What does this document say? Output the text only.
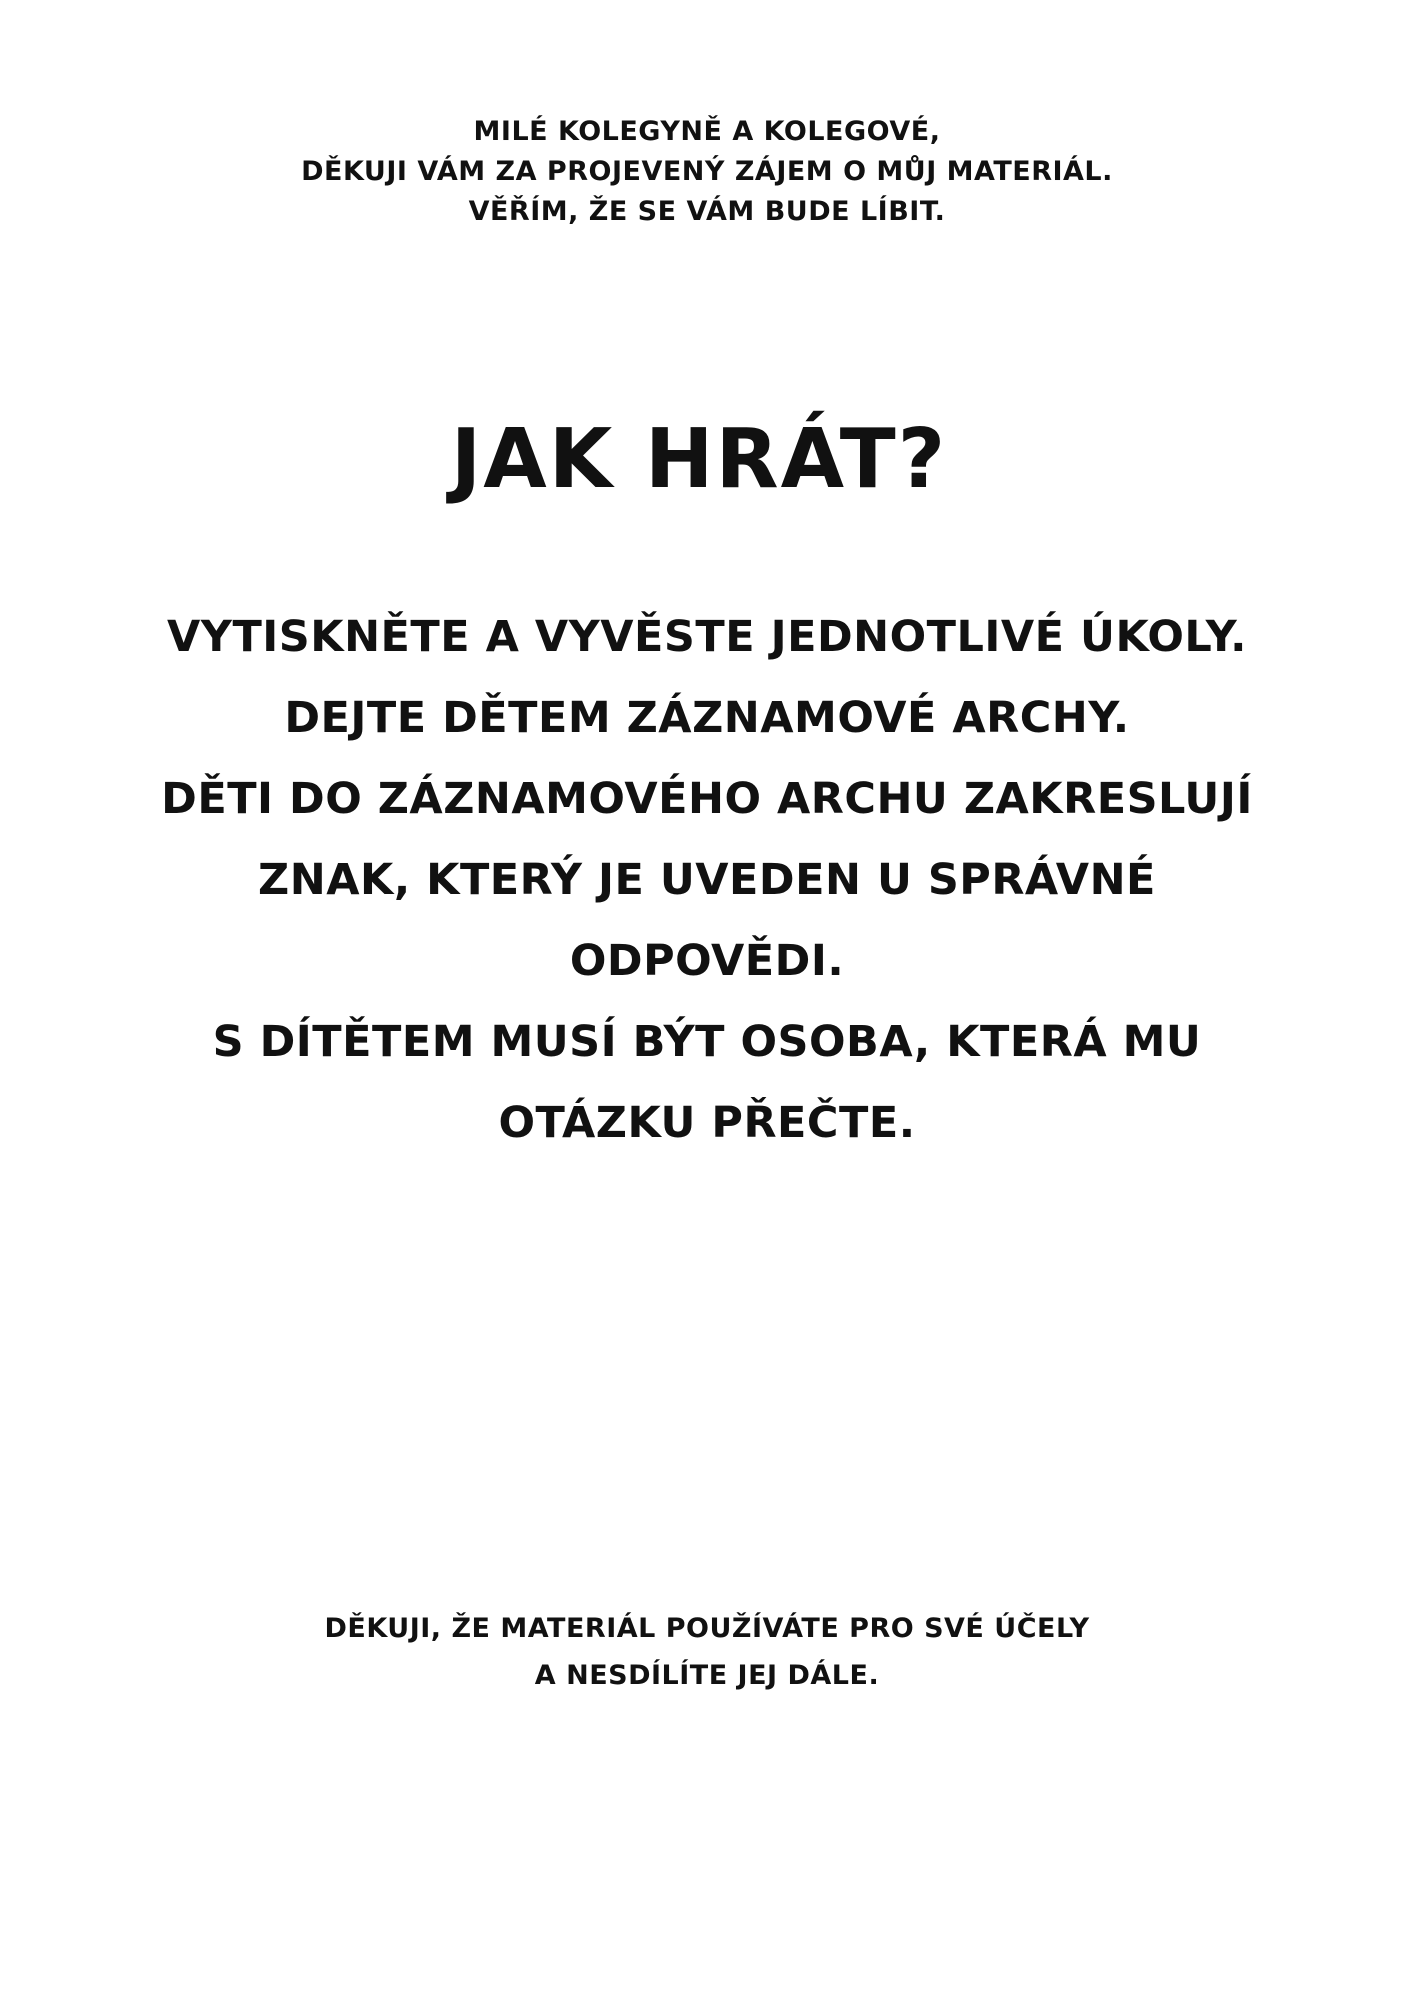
MILÉ KOLEGYNĚ A KOLEGOVÉ,
DĚKUJI VÁM ZA PROJEVENÝ ZÁJEM O MŮJ MATERIÁL.
VĚŘÍM, ŽE SE VÁM BUDE LÍBIT.
JAK HRÁT?
VYTISKNĚTE A VYVĚSTE JEDNOTLIVÉ ÚKOLY.
DEJTE DĚTEM ZÁZNAMOVÉ ARCHY.
DĚTI DO ZÁZNAMOVÉHO ARCHU ZAKRESLUJÍ
ZNAK, KTERÝ JE UVEDEN U SPRÁVNÉ
ODPOVĚDI.
S DÍTĚTEM MUSÍ BÝT OSOBA, KTERÁ MU
OTÁZKU PŘEČTE.
DĚKUJI, ŽE MATERIÁL POUŽÍVÁTE PRO SVÉ ÚČELY
A NESDÍLÍTE JEJ DÁLE.
